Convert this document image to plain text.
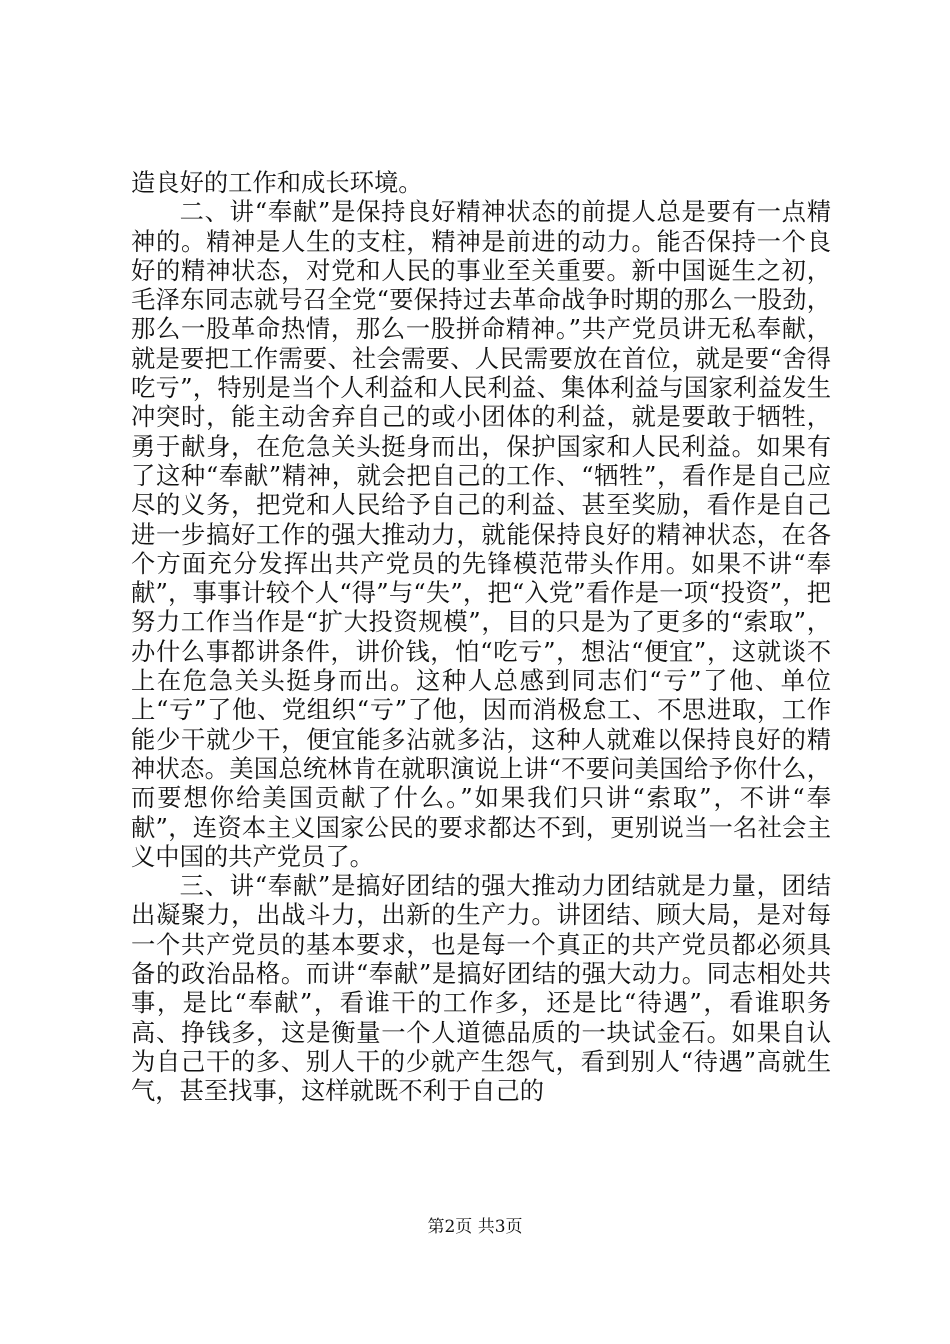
造良好的工作和成长环境。

二、讲“奉献”是保持良好精神状态的前提人总是要有一点精神的。精神是人生的支柱，精神是前进的动力。能否保持一个良好的精神状态，对党和人民的事业至关重要。新中国诞生之初，毛泽东同志就号召全党“要保持过去革命战争时期的那么一股劲，那么一股革命热情，那么一股拼命精神。”共产党员讲无私奉献，就是要把工作需要、社会需要、人民需要放在首位，就是要“舍得吃亏”，特别是当个人利益和人民利益、集体利益与国家利益发生冲突时，能主动舍弃自己的或小团体的利益，就是要敢于牺牲，勇于献身，在危急关头挺身而出，保护国家和人民利益。如果有了这种“奉献”精神，就会把自己的工作、“牺牲”，看作是自己应尽的义务，把党和人民给予自己的利益、甚至奖励，看作是自己进一步搞好工作的强大推动力，就能保持良好的精神状态，在各个方面充分发挥出共产党员的先锋模范带头作用。如果不讲“奉献”，事事计较个人“得”与“失”，把“入党”看作是一项“投资”，把努力工作当作是“扩大投资规模”，目的只是为了更多的“索取”，办什么事都讲条件，讲价钱，怕“吃亏”，想沾“便宜”，这就谈不上在危急关头挺身而出。这种人总感到同志们“亏”了他、单位上“亏”了他、党组织“亏”了他，因而消极怠工、不思进取，工作能少干就少干，便宜能多沾就多沾，这种人就难以保持良好的精神状态。美国总统林肯在就职演说上讲“不要问美国给予你什么，而要想你给美国贡献了什么。”如果我们只讲“索取”，不讲“奉献”，连资本主义国家公民的要求都达不到，更别说当一名社会主义中国的共产党员了。

三、讲“奉献”是搞好团结的强大推动力团结就是力量，团结出凝聚力，出战斗力，出新的生产力。讲团结、顾大局，是对每一个共产党员的基本要求，也是每一个真正的共产党员都必须具备的政治品格。而讲“奉献”是搞好团结的强大动力。同志相处共事，是比“奉献”，看谁干的工作多，还是比“待遇”，看谁职务高、挣钱多，这是衡量一个人道德品质的一块试金石。如果自认为自己干的多、别人干的少就产生怨气，看到别人“待遇”高就生气，甚至找事，这样就既不利于自己的

第2页 共3页
